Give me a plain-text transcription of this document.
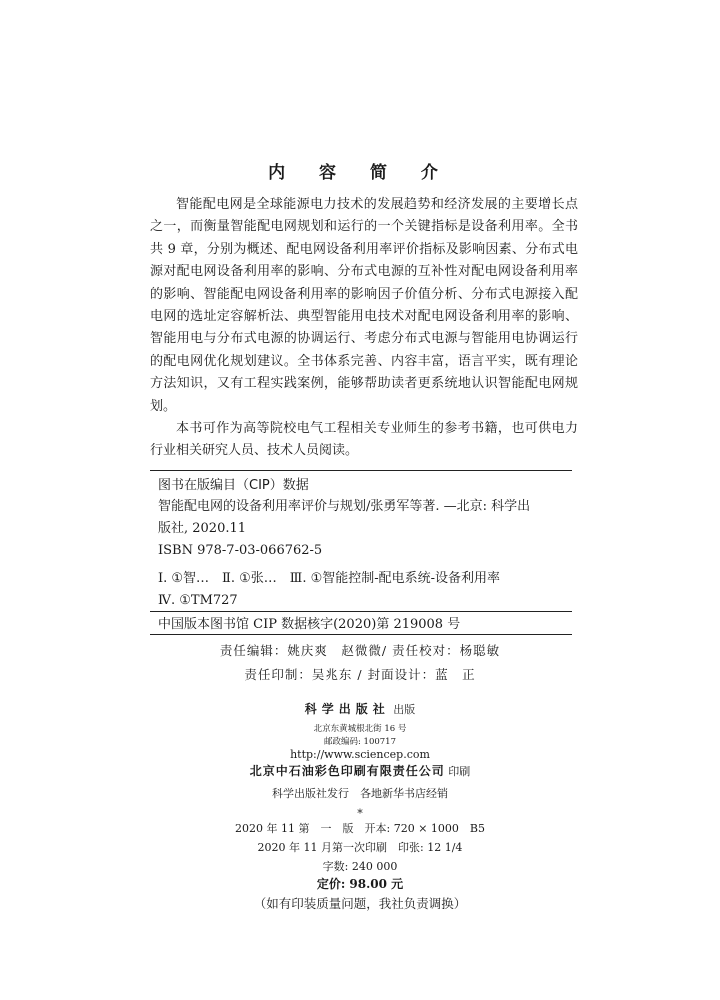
内 容 简 介

智能配电网是全球能源电力技术的发展趋势和经济发展的主要增长点之一，而衡量智能配电网规划和运行的一个关键指标是设备利用率。全书共 9 章，分别为概述、配电网设备利用率评价指标及影响因素、分布式电源对配电网设备利用率的影响、分布式电源的互补性对配电网设备利用率的影响、智能配电网设备利用率的影响因子价值分析、分布式电源接入配电网的选址定容解析法、典型智能用电技术对配电网设备利用率的影响、智能用电与分布式电源的协调运行、考虑分布式电源与智能用电协调运行的配电网优化规划建议。全书体系完善、内容丰富，语言平实，既有理论方法知识，又有工程实践案例，能够帮助读者更系统地认识智能配电网规划。

本书可作为高等院校电气工程相关专业师生的参考书籍，也可供电力行业相关研究人员、技术人员阅读。

图书在版编目（CIP）数据
智能配电网的设备利用率评价与规划/张勇军等著. —北京: 科学出
版社, 2020.11
ISBN 978-7-03-066762-5
Ⅰ. ①智…　Ⅱ. ①张…　Ⅲ. ①智能控制-配电系统-设备利用率
Ⅳ. ①TM727
中国版本图书馆 CIP 数据核字(2020)第 219008 号
责任编辑：姚庆爽　赵微微/ 责任校对：杨聪敏
责任印制：吴兆东 / 封面设计：蓝　正
科学出版社 出版
北京东黄城根北街 16 号
邮政编码: 100717
http://www.sciencep.com
北京中石油彩色印刷有限责任公司 印刷
科学出版社发行　各地新华书店经销
*
2020 年 11 第　一　版　开本: 720 × 1000　B5
2020 年 11 月第一次印刷　印张: 12 1/4
字数: 240 000
定价: 98.00 元
（如有印装质量问题，我社负责调换）
